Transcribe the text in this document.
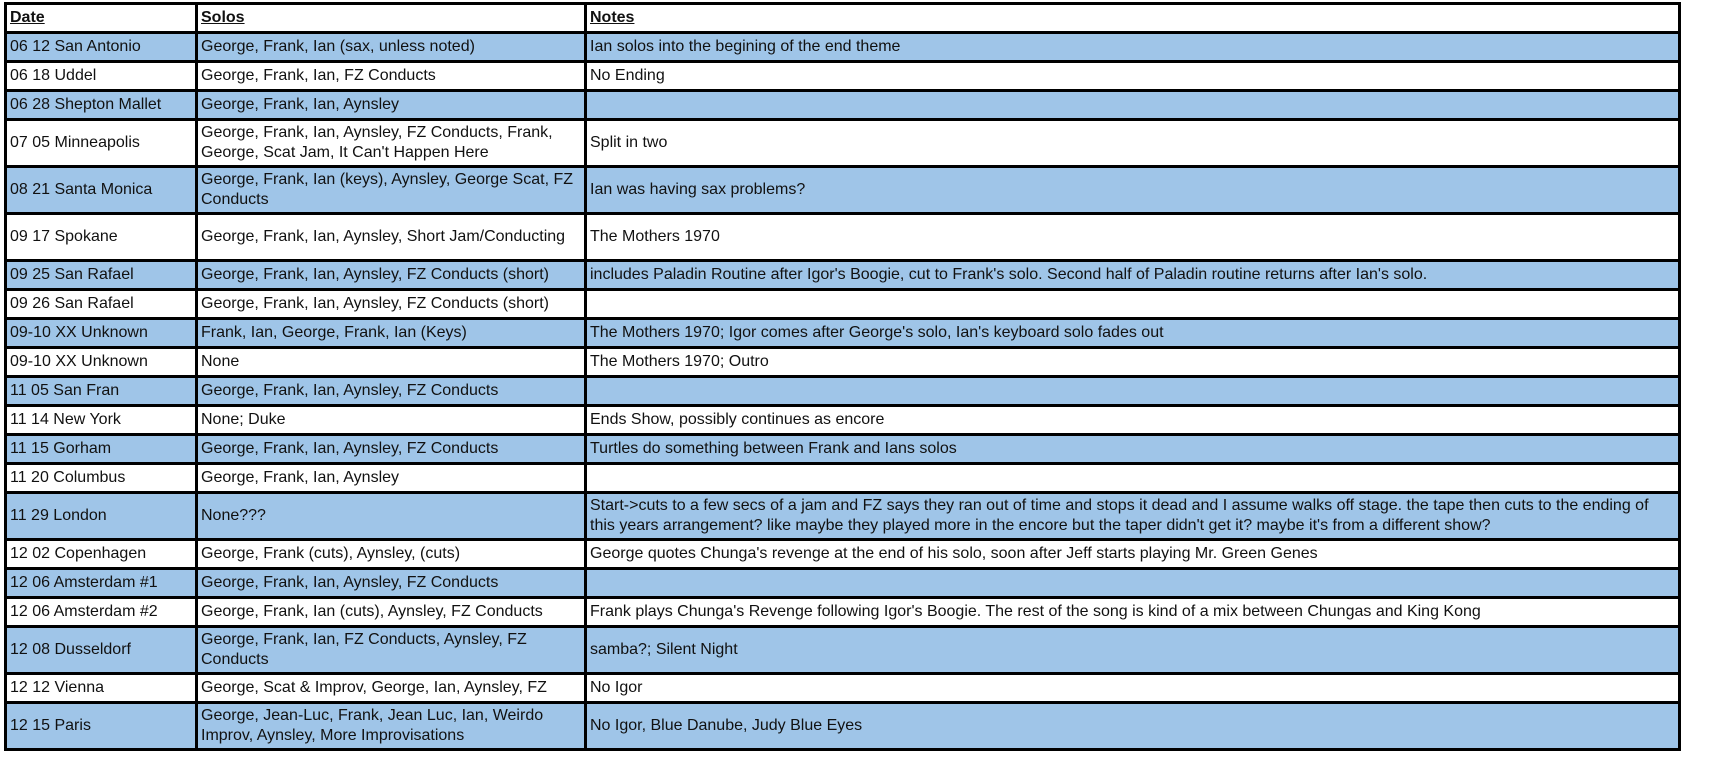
Date	Solos	Notes
06 12 San Antonio	George, Frank, Ian (sax, unless noted)	Ian solos into the begining of the end theme
06 18 Uddel	George, Frank, Ian, FZ Conducts	No Ending
06 28 Shepton Mallet	George, Frank, Ian, Aynsley	
07 05 Minneapolis	George, Frank, Ian, Aynsley, FZ Conducts, Frank, George, Scat Jam, It Can't Happen Here	Split in two
08 21 Santa Monica	George, Frank, Ian (keys), Aynsley, George Scat, FZ Conducts	Ian was having sax problems?
09 17 Spokane	George, Frank, Ian, Aynsley, Short Jam/Conducting	The Mothers 1970
09 25 San Rafael	George, Frank, Ian, Aynsley, FZ Conducts (short)	includes Paladin Routine after Igor's Boogie, cut to Frank's solo. Second half of Paladin routine returns after Ian's solo.
09 26 San Rafael	George, Frank, Ian, Aynsley, FZ Conducts (short)	
09-10 XX Unknown	Frank, Ian, George, Frank, Ian (Keys)	The Mothers 1970; Igor comes after George's solo, Ian's keyboard solo fades out
09-10 XX Unknown	None	The Mothers 1970; Outro
11 05 San Fran	George, Frank, Ian, Aynsley, FZ Conducts	
11 14 New York	None; Duke	Ends Show, possibly continues as encore
11 15 Gorham	George, Frank, Ian, Aynsley, FZ Conducts	Turtles do something between Frank and Ians solos
11 20 Columbus	George, Frank, Ian, Aynsley	
11 29 London	None???	Start->cuts to a few secs of a jam and FZ says they ran out of time and stops it dead and I assume walks off stage. the tape then cuts to the ending of this years arrangement? like maybe they played more in the encore but the taper didn't get it? maybe it's from a different show?
12 02 Copenhagen	George, Frank (cuts), Aynsley, (cuts)	George quotes Chunga's revenge at the end of his solo, soon after Jeff starts playing Mr. Green Genes
12 06 Amsterdam #1	George, Frank, Ian, Aynsley, FZ Conducts	
12 06 Amsterdam #2	George, Frank, Ian (cuts), Aynsley, FZ Conducts	Frank plays Chunga's Revenge following Igor's Boogie. The rest of the song is kind of a mix between Chungas and King Kong
12 08 Dusseldorf	George, Frank, Ian, FZ Conducts, Aynsley, FZ Conducts	samba?; Silent Night
12 12 Vienna	George, Scat & Improv, George, Ian, Aynsley, FZ	No Igor
12 15 Paris	George, Jean-Luc, Frank, Jean Luc, Ian, Weirdo Improv, Aynsley, More Improvisations	No Igor, Blue Danube, Judy Blue Eyes
